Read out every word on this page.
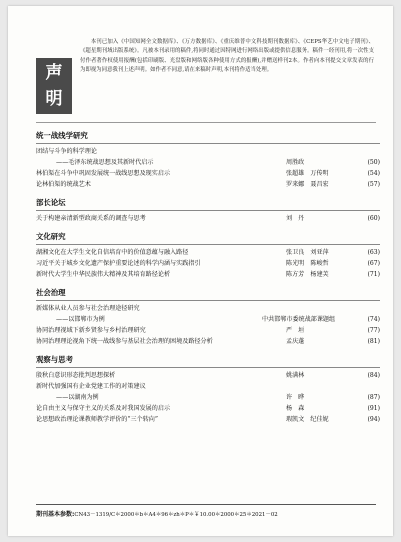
声
明
本刊已加入《中国知网全文数据库》、《万方数据库》、《重庆维普中文科技期刊数据库》、《CEPS华艺中文电子期刊》、《超星期刊域出版系统》。凡被本刊录用的稿件,将同时通过因特网进行网络出版或提供信息服务。稿件一经刊用,将一次性支付作者著作权使用报酬(包括印刷版、光盘版和网络版各种使用方式的报酬),并赠送样刊2本。作者向本刊提交文章发表的行为即视为同意我刊上述声明。如作者不同意,请在来稿时声明,本刊将作适当处理。
统一战线学研究
团结与斗争的科学理论
——毛泽东统战思想及其新时代启示	周胜政	(50)
林伯渠在斗争中巩固发展统一战线思想及现实启示	张超雄　万传明	(54)
论林伯渠的统战艺术	罗来娜　聂昌宏	(57)
部长论坛
关于构建亲清新型政商关系的调查与思考	刘　丹	(60)
文化研究
湖湘文化在大学生文化自信培育中的价值意蕴与融入路径	张卫良　刘亚萍	(63)
习近平关于城乡文化遗产保护重要论述的科学内涵与实践指引	陈光明　陈峻哲	(67)
新时代大学生中华民族伟大精神及其培育路径论析	陈方芳　杨建芙	(71)
社会治理
新媒体从业人员参与社会治理途径研究
——以邯郸市为例	中共邯郸市委统战部课题组	(74)
协同治理视域下新乡贤参与乡村治理研究	严　垣	(77)
协同治理理论视角下统一战线参与基层社会治理的困境及路径分析	孟庆蓬	(81)
观察与思考
殷秋白意识形态批判思想探析	姚满林	(84)
新时代加强国有企业党建工作的对策建议
——以湖南为例	许　晔	(87)
论自由主义与保守主义的关系及对我国发展的启示	杨　森	(91)
论思想政治理论课教师教学评价的“三个转向”	瑕凯文　纪佳妮	(94)
期刊基本参数:CN43－1319/C＊2000＊b＊A4＊96＊zh＊P＊￥10.00＊2000＊25＊2021－02
